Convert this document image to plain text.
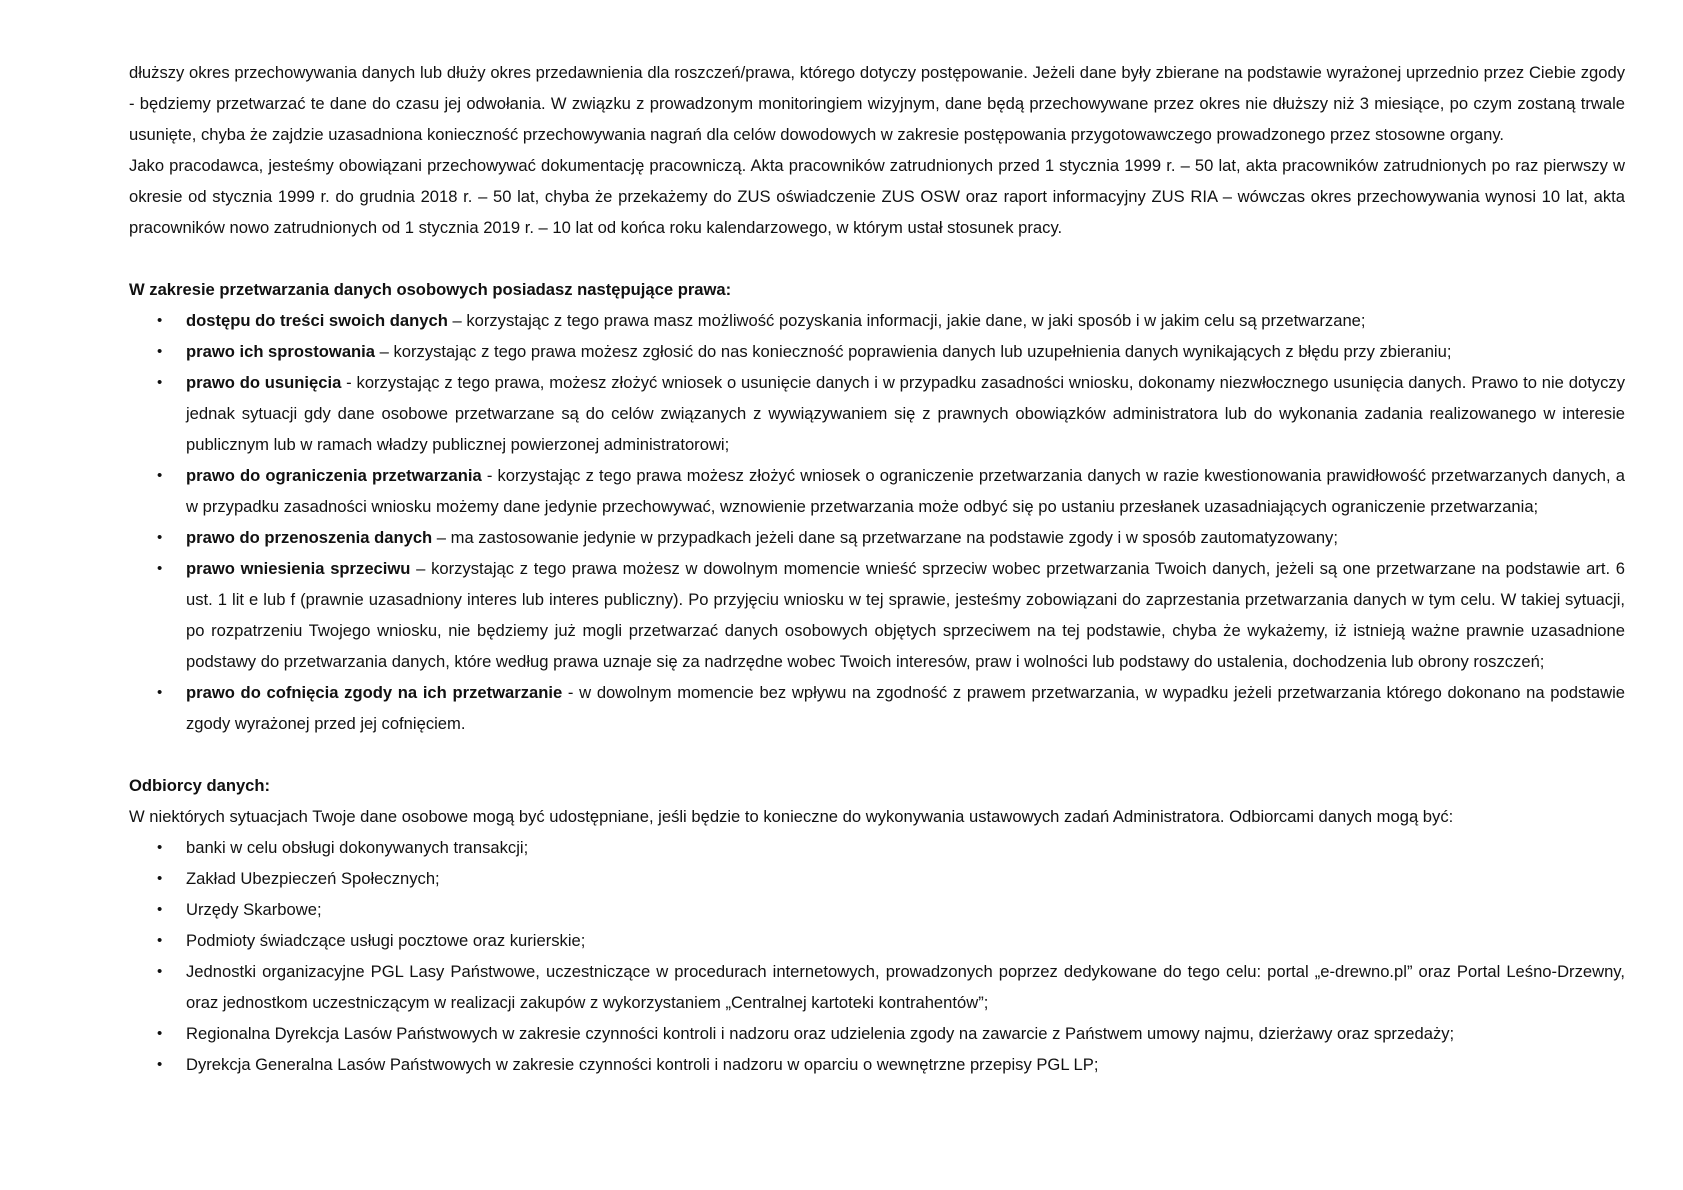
dłuższy okres przechowywania danych lub dłuży okres przedawnienia dla roszczeń/prawa, którego dotyczy postępowanie. Jeżeli dane były zbierane na podstawie wyrażonej uprzednio przez Ciebie zgody - będziemy przetwarzać te dane do czasu jej odwołania. W związku z prowadzonym monitoringiem wizyjnym, dane będą przechowywane przez okres nie dłuższy niż 3 miesiące, po czym zostaną trwale usunięte, chyba że zajdzie uzasadniona konieczność przechowywania nagrań dla celów dowodowych w zakresie postępowania przygotowawczego prowadzonego przez stosowne organy.

Jako pracodawca, jesteśmy obowiązani przechowywać dokumentację pracowniczą. Akta pracowników zatrudnionych przed 1 stycznia 1999 r. – 50 lat, akta pracowników zatrudnionych po raz pierwszy w okresie od stycznia 1999 r. do grudnia 2018 r. – 50 lat, chyba że przekażemy do ZUS oświadczenie ZUS OSW oraz raport informacyjny ZUS RIA – wówczas okres przechowywania wynosi 10 lat, akta pracowników nowo zatrudnionych od 1 stycznia 2019 r. – 10 lat od końca roku kalendarzowego, w którym ustał stosunek pracy.

W zakresie przetwarzania danych osobowych posiadasz następujące prawa:

• dostępu do treści swoich danych – korzystając z tego prawa masz możliwość pozyskania informacji, jakie dane, w jaki sposób i w jakim celu są przetwarzane;
• prawo ich sprostowania – korzystając z tego prawa możesz zgłosić do nas konieczność poprawienia danych lub uzupełnienia danych wynikających z błędu przy zbieraniu;
• prawo do usunięcia - korzystając z tego prawa, możesz złożyć wniosek o usunięcie danych i w przypadku zasadności wniosku, dokonamy niezwłocznego usunięcia danych. Prawo to nie dotyczy jednak sytuacji gdy dane osobowe przetwarzane są do celów związanych z wywiązywaniem się z prawnych obowiązków administratora lub do wykonania zadania realizowanego w interesie publicznym lub w ramach władzy publicznej powierzonej administratorowi;
• prawo do ograniczenia przetwarzania - korzystając z tego prawa możesz złożyć wniosek o ograniczenie przetwarzania danych w razie kwestionowania prawidłowość przetwarzanych danych, a w przypadku zasadności wniosku możemy dane jedynie przechowywać, wznowienie przetwarzania może odbyć się po ustaniu przesłanek uzasadniających ograniczenie przetwarzania;
• prawo do przenoszenia danych – ma zastosowanie jedynie w przypadkach jeżeli dane są przetwarzane na podstawie zgody i w sposób zautomatyzowany;
• prawo wniesienia sprzeciwu – korzystając z tego prawa możesz w dowolnym momencie wnieść sprzeciw wobec przetwarzania Twoich danych, jeżeli są one przetwarzane na podstawie art. 6 ust. 1 lit e lub f (prawnie uzasadniony interes lub interes publiczny). Po przyjęciu wniosku w tej sprawie, jesteśmy zobowiązani do zaprzestania przetwarzania danych w tym celu. W takiej sytuacji, po rozpatrzeniu Twojego wniosku, nie będziemy już mogli przetwarzać danych osobowych objętych sprzeciwem na tej podstawie, chyba że wykażemy, iż istnieją ważne prawnie uzasadnione podstawy do przetwarzania danych, które według prawa uznaje się za nadrzędne wobec Twoich interesów, praw i wolności lub podstawy do ustalenia, dochodzenia lub obrony roszczeń;
• prawo do cofnięcia zgody na ich przetwarzanie - w dowolnym momencie bez wpływu na zgodność z prawem przetwarzania, w wypadku jeżeli przetwarzania którego dokonano na podstawie zgody wyrażonej przed jej cofnięciem.

Odbiorcy danych:

W niektórych sytuacjach Twoje dane osobowe mogą być udostępniane, jeśli będzie to konieczne do wykonywania ustawowych zadań Administratora. Odbiorcami danych mogą być:

• banki w celu obsługi dokonywanych transakcji;
• Zakład Ubezpieczeń Społecznych;
• Urzędy Skarbowe;
• Podmioty świadczące usługi pocztowe oraz kurierskie;
• Jednostki organizacyjne PGL Lasy Państwowe, uczestniczące w procedurach internetowych, prowadzonych poprzez dedykowane do tego celu: portal „e-drewno.pl” oraz Portal Leśno-Drzewny, oraz jednostkom uczestniczącym w realizacji zakupów z wykorzystaniem „Centralnej kartoteki kontrahentów”;
• Regionalna Dyrekcja Lasów Państwowych w zakresie czynności kontroli i nadzoru oraz udzielenia zgody na zawarcie z Państwem umowy najmu, dzierżawy oraz sprzedaży;
• Dyrekcja Generalna Lasów Państwowych w zakresie czynności kontroli i nadzoru w oparciu o wewnętrzne przepisy PGL LP;
